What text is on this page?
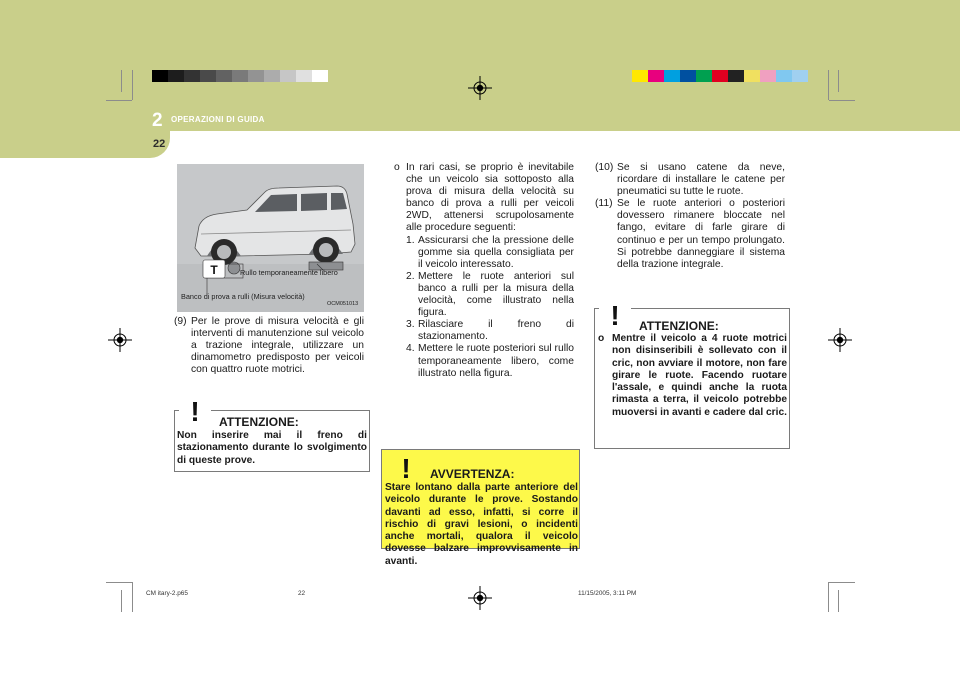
2 OPERAZIONI DI GUIDA
22
T	Rullo temporaneamente libero
Banco di prova a rulli (Misura velocità)
OCM051013
(9) Per le prove di misura velocità e gli interventi di manutenzione sul veicolo a trazione integrale, utilizzare un dinamometro predisposto per veicoli con quattro ruote motrici.
! ATTENZIONE:
Non inserire mai il freno di stazionamento durante lo svolgimento di queste prove.
o In rari casi, se proprio è inevitabile che un veicolo sia sottoposto alla prova di misura della velocità su banco di prova a rulli per veicoli 2WD, attenersi scrupolosamente alle procedure seguenti:
1. Assicurarsi che la pressione delle gomme sia quella consigliata per il veicolo interessato.
2. Mettere le ruote anteriori sul banco a rulli per la misura della velocità, come illustrato nella figura.
3. Rilasciare il freno di stazionamento.
4. Mettere le ruote posteriori sul rullo temporaneamente libero, come illustrato nella figura.
! AVVERTENZA:
Stare lontano dalla parte anteriore del veicolo durante le prove. Sostando davanti ad esso, infatti, si corre il rischio di gravi lesioni, o incidenti anche mortali, qualora il veicolo dovesse balzare improvvisamente in avanti.
(10) Se si usano catene da neve, ricordare di installare le catene per pneumatici su tutte le ruote.
(11) Se le ruote anteriori o posteriori dovessero rimanere bloccate nel fango, evitare di farle girare di continuo e per un tempo prolungato. Si potrebbe danneggiare il sistema della trazione integrale.
! ATTENZIONE:
o Mentre il veicolo a 4 ruote motrici non disinseribili è sollevato con il cric, non avviare il motore, non fare girare le ruote. Facendo ruotare l'assale, e quindi anche la ruota rimasta a terra, il veicolo potrebbe muoversi in avanti e cadere dal cric.
CM itary-2.p65	22	11/15/2005, 3:11 PM
